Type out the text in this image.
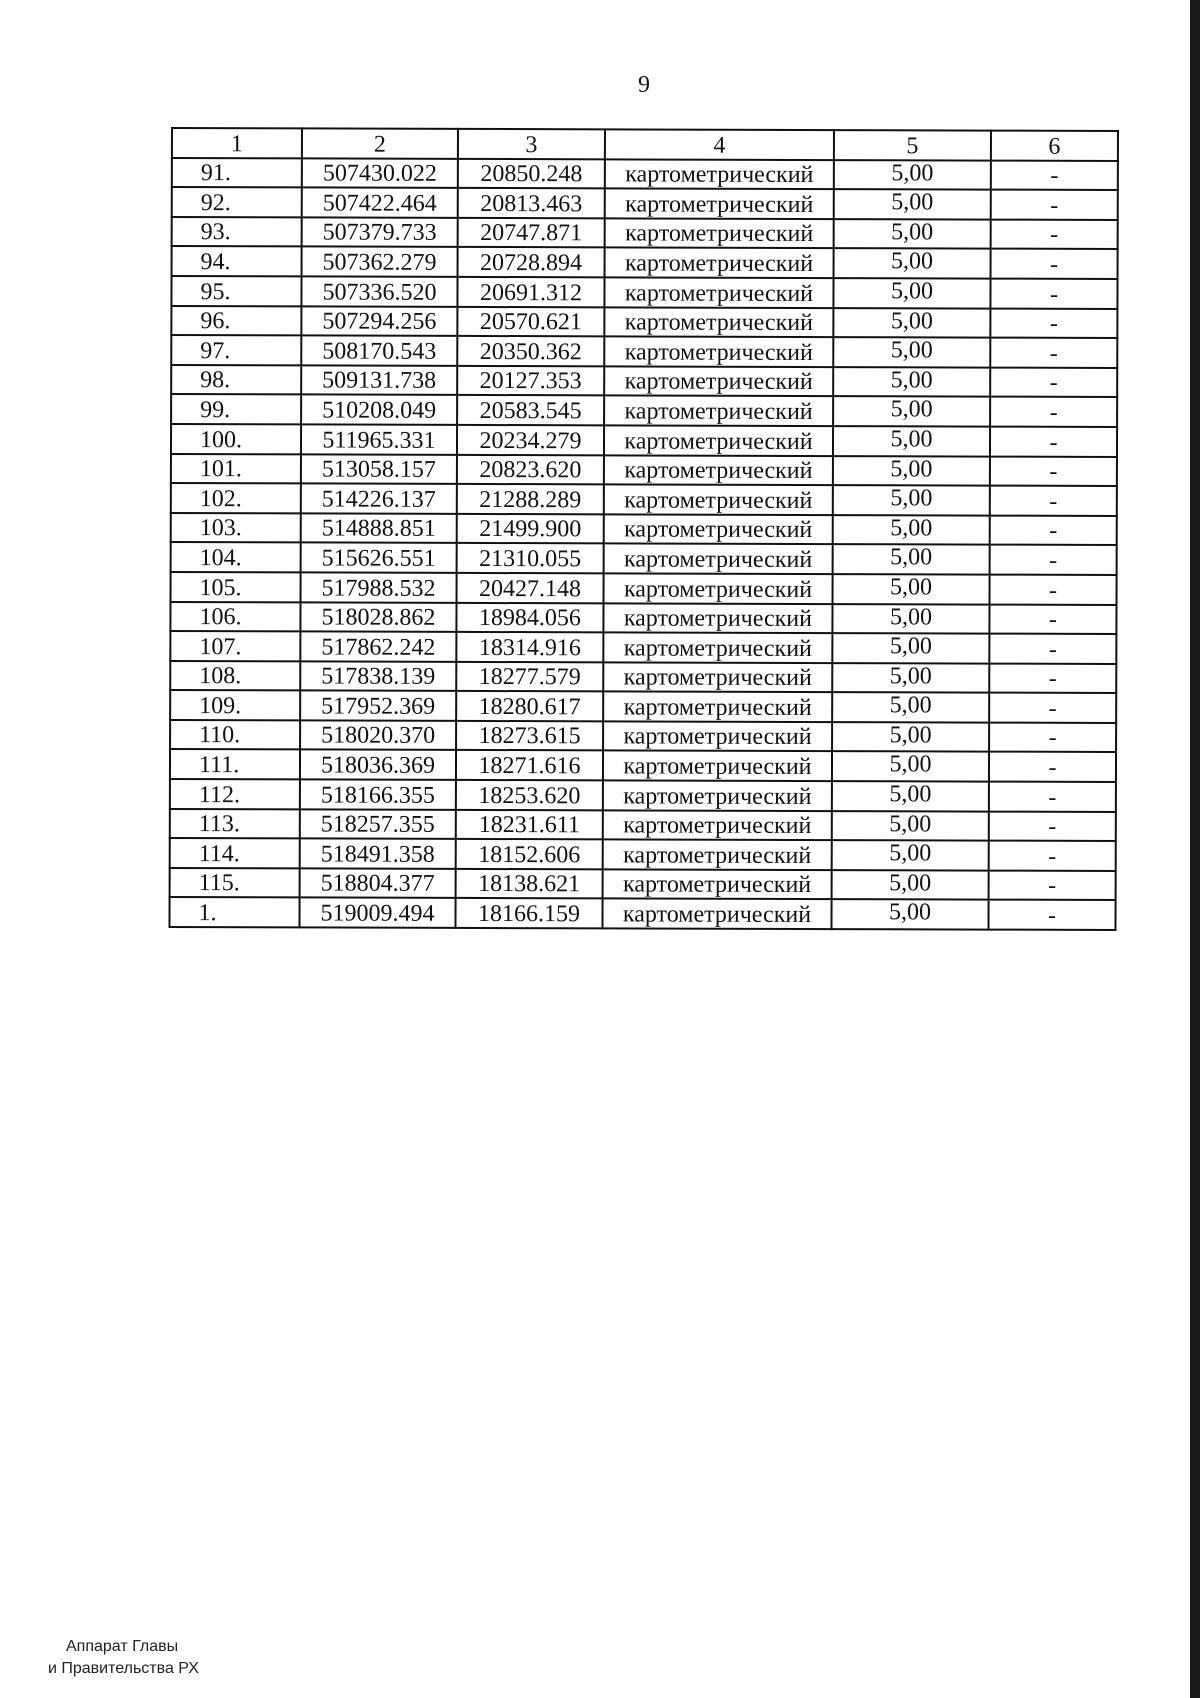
9
1	2	3	4	5	6
91.	507430.022	20850.248	картометрический	5,00	-
92.	507422.464	20813.463	картометрический	5,00	-
93.	507379.733	20747.871	картометрический	5,00	-
94.	507362.279	20728.894	картометрический	5,00	-
95.	507336.520	20691.312	картометрический	5,00	-
96.	507294.256	20570.621	картометрический	5,00	-
97.	508170.543	20350.362	картометрический	5,00	-
98.	509131.738	20127.353	картометрический	5,00	-
99.	510208.049	20583.545	картометрический	5,00	-
100.	511965.331	20234.279	картометрический	5,00	-
101.	513058.157	20823.620	картометрический	5,00	-
102.	514226.137	21288.289	картометрический	5,00	-
103.	514888.851	21499.900	картометрический	5,00	-
104.	515626.551	21310.055	картометрический	5,00	-
105.	517988.532	20427.148	картометрический	5,00	-
106.	518028.862	18984.056	картометрический	5,00	-
107.	517862.242	18314.916	картометрический	5,00	-
108.	517838.139	18277.579	картометрический	5,00	-
109.	517952.369	18280.617	картометрический	5,00	-
110.	518020.370	18273.615	картометрический	5,00	-
111.	518036.369	18271.616	картометрический	5,00	-
112.	518166.355	18253.620	картометрический	5,00	-
113.	518257.355	18231.611	картометрический	5,00	-
114.	518491.358	18152.606	картометрический	5,00	-
115.	518804.377	18138.621	картометрический	5,00	-
1.	519009.494	18166.159	картометрический	5,00	-
Аппарат Главы
и Правительства РХ
